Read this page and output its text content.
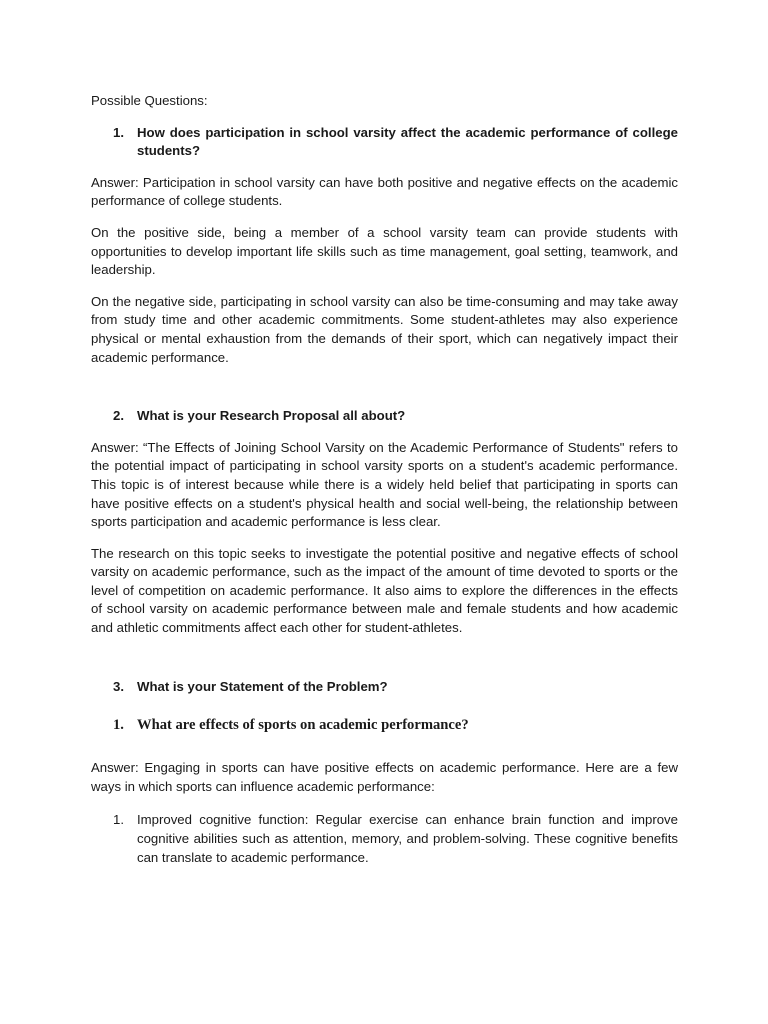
Possible Questions:

1. How does participation in school varsity affect the academic performance of college students?

Answer: Participation in school varsity can have both positive and negative effects on the academic performance of college students.

On the positive side, being a member of a school varsity team can provide students with opportunities to develop important life skills such as time management, goal setting, teamwork, and leadership.

On the negative side, participating in school varsity can also be time-consuming and may take away from study time and other academic commitments. Some student-athletes may also experience physical or mental exhaustion from the demands of their sport, which can negatively impact their academic performance.

2. What is your Research Proposal all about?

Answer: “The Effects of Joining School Varsity on the Academic Performance of Students" refers to the potential impact of participating in school varsity sports on a student's academic performance. This topic is of interest because while there is a widely held belief that participating in sports can have positive effects on a student's physical health and social well-being, the relationship between sports participation and academic performance is less clear.

The research on this topic seeks to investigate the potential positive and negative effects of school varsity on academic performance, such as the impact of the amount of time devoted to sports or the level of competition on academic performance. It also aims to explore the differences in the effects of school varsity on academic performance between male and female students and how academic and athletic commitments affect each other for student-athletes.

3. What is your Statement of the Problem?
1. What are effects of sports on academic performance?

Answer: Engaging in sports can have positive effects on academic performance. Here are a few ways in which sports can influence academic performance:

1. Improved cognitive function: Regular exercise can enhance brain function and improve cognitive abilities such as attention, memory, and problem-solving. These cognitive benefits can translate to academic performance.
